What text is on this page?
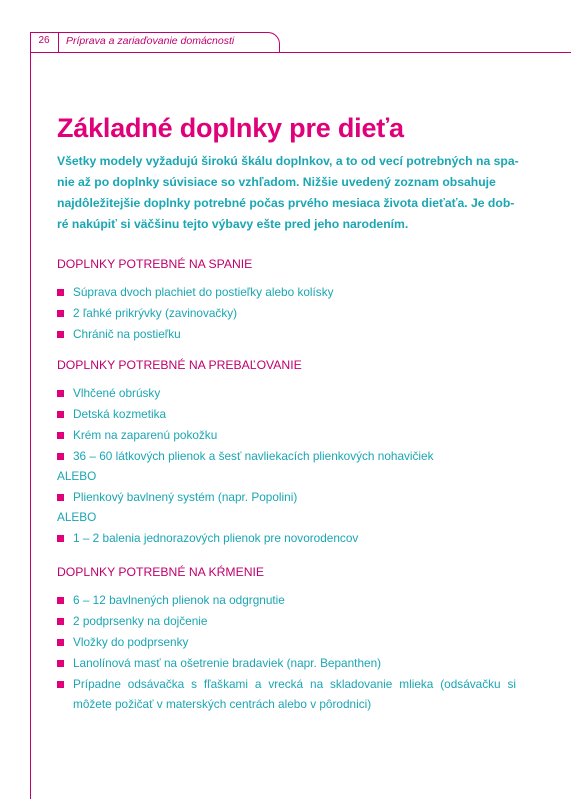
26	Príprava a zariaďovanie domácnosti
Základné doplnky pre dieťa

Všetky modely vyžadujú širokú škálu doplnkov, a to od vecí potrebných na spa-
nie až po doplnky súvisiace so vzhľadom. Nižšie uvedený zoznam obsahuje
najdôležitejšie doplnky potrebné počas prvého mesiaca života dieťaťa. Je dob-
ré nakúpiť si väčšinu tejto výbavy ešte pred jeho narodením.

DOPLNKY POTREBNÉ NA SPANIE
Súprava dvoch plachiet do postieľky alebo kolísky
2 ľahké prikrývky (zavinovačky)
Chránič na postieľku
DOPLNKY POTREBNÉ NA PREBAĽOVANIE
Vlhčené obrúsky
Detská kozmetika
Krém na zaparenú pokožku
36 – 60 látkových plienok a šesť navliekacích plienkových nohavičiek
ALEBO
Plienkový bavlnený systém (napr. Popolini)
ALEBO
1 – 2 balenia jednorazových plienok pre novorodencov
DOPLNKY POTREBNÉ NA KŔMENIE
6 – 12 bavlnených plienok na odgrgnutie
2 podprsenky na dojčenie
Vložky do podprsenky
Lanolínová masť na ošetrenie bradaviek (napr. Bepanthen)
Prípadne odsávačka s fľaškami a vrecká na skladovanie mlieka (odsávačku si môžete požičať v materských centrách alebo v pôrodnici)
